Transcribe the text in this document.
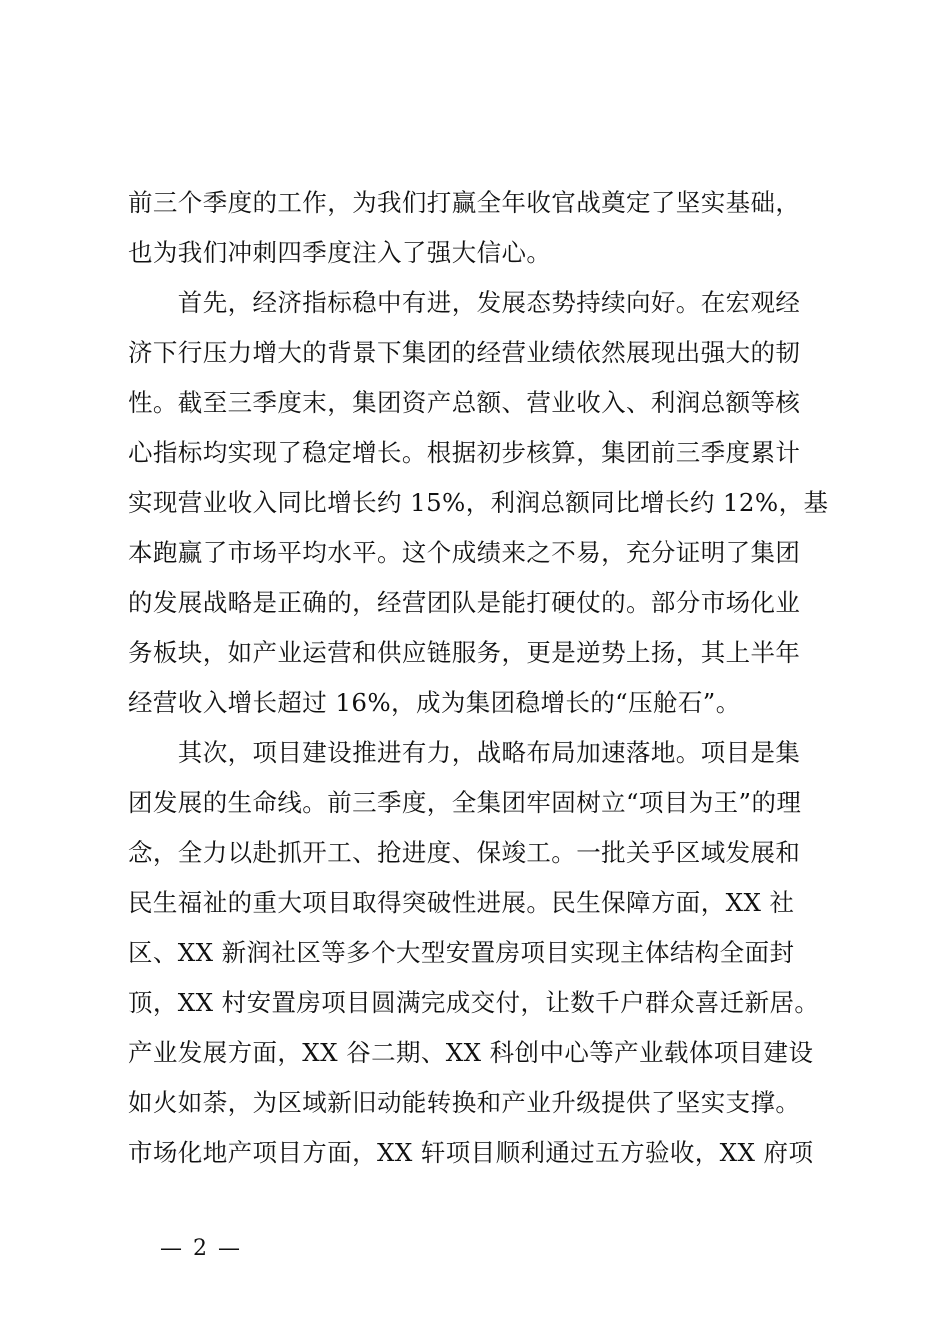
前三个季度的工作，为我们打赢全年收官战奠定了坚实基础，
也为我们冲刺四季度注入了强大信心。
　　首先，经济指标稳中有进，发展态势持续向好。在宏观经
济下行压力增大的背景下集团的经营业绩依然展现出强大的韧
性。截至三季度末，集团资产总额、营业收入、利润总额等核
心指标均实现了稳定增长。根据初步核算，集团前三季度累计
实现营业收入同比增长约 15%，利润总额同比增长约 12%，基
本跑赢了市场平均水平。这个成绩来之不易，充分证明了集团
的发展战略是正确的，经营团队是能打硬仗的。部分市场化业
务板块，如产业运营和供应链服务，更是逆势上扬，其上半年
经营收入增长超过 16%，成为集团稳增长的“压舱石”。
　　其次，项目建设推进有力，战略布局加速落地。项目是集
团发展的生命线。前三季度，全集团牢固树立“项目为王”的理
念，全力以赴抓开工、抢进度、保竣工。一批关乎区域发展和
民生福祉的重大项目取得突破性进展。民生保障方面，XX 社
区、XX 新润社区等多个大型安置房项目实现主体结构全面封
顶，XX 村安置房项目圆满完成交付，让数千户群众喜迁新居。
产业发展方面，XX 谷二期、XX 科创中心等产业载体项目建设
如火如荼，为区域新旧动能转换和产业升级提供了坚实支撑。
市场化地产项目方面，XX 轩项目顺利通过五方验收，XX 府项
— 2 —
